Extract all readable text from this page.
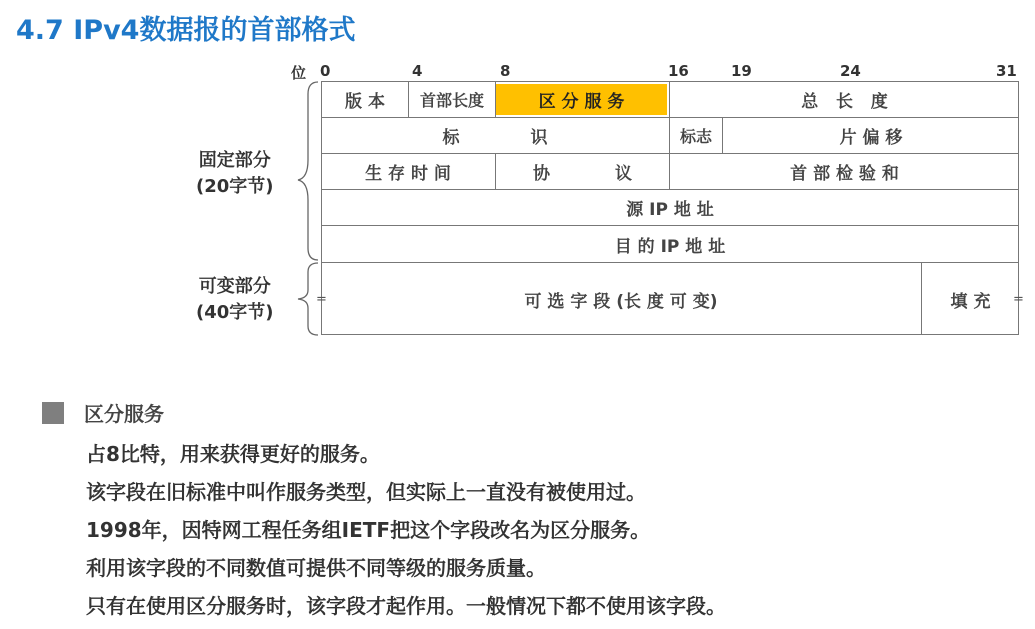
4.7 IPv4数据报的首部格式
位 0	4	8	16	19	24	31
版 本	首部长度	区 分 服 务	总   长   度
标            识	标志	片 偏 移
生 存 时 间	协           议	首 部 检 验 和
源 IP 地 址
目 的 IP 地 址
可 选 字 段 (长 度 可 变)	填 充
=	=
固定部分
(20字节)
可变部分
(40字节)
区分服务
占8比特，用来获得更好的服务。
该字段在旧标准中叫作服务类型，但实际上一直没有被使用过。
1998年，因特网工程任务组IETF把这个字段改名为区分服务。
利用该字段的不同数值可提供不同等级的服务质量。
只有在使用区分服务时，该字段才起作用。一般情况下都不使用该字段。
